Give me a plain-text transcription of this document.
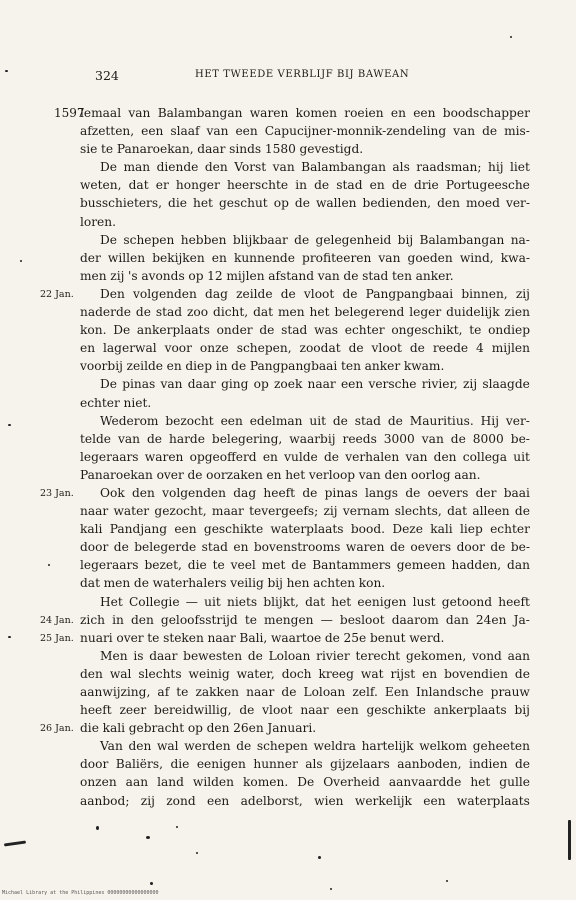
324	HET TWEEDE VERBLIJF BIJ BAWEAN
1597
22 Jan.
23 Jan.
24 Jan.
25 Jan.
26 Jan.
lemaal van Balambangan waren komen roeien en een boodschapper
afzetten, een slaaf van een Capucijner-monnik-zendeling van de mis-
sie te Panaroekan, daar sinds 1580 gevestigd.
De man diende den Vorst van Balambangan als raadsman; hij liet
weten, dat er honger heerschte in de stad en de drie Portugeesche
busschieters, die het geschut op de wallen bedienden, den moed ver-
loren.
De schepen hebben blijkbaar de gelegenheid bij Balambangan na-
der willen bekijken en kunnende profiteeren van goeden wind, kwa-
men zij 's avonds op 12 mijlen afstand van de stad ten anker.
Den volgenden dag zeilde de vloot de Pangpangbaai binnen, zij
naderde de stad zoo dicht, dat men het belegerend leger duidelijk zien
kon. De ankerplaats onder de stad was echter ongeschikt, te ondiep
en lagerwal voor onze schepen, zoodat de vloot de reede 4 mijlen
voorbij zeilde en diep in de Pangpangbaai ten anker kwam.
De pinas van daar ging op zoek naar een versche rivier, zij slaagde
echter niet.
Wederom bezocht een edelman uit de stad de Mauritius. Hij ver-
telde van de harde belegering, waarbij reeds 3000 van de 8000 be-
legeraars waren opgeofferd en vulde de verhalen van den collega uit
Panaroekan over de oorzaken en het verloop van den oorlog aan.
Ook den volgenden dag heeft de pinas langs de oevers der baai
naar water gezocht, maar tevergeefs; zij vernam slechts, dat alleen de
kali Pandjang een geschikte waterplaats bood. Deze kali liep echter
door de belegerde stad en bovenstrooms waren de oevers door de be-
legeraars bezet, die te veel met de Bantammers gemeen hadden, dan
dat men de waterhalers veilig bij hen achten kon.
Het Collegie — uit niets blijkt, dat het eenigen lust getoond heeft
zich in den geloofsstrijd te mengen — besloot daarom dan 24en Ja-
nuari over te steken naar Bali, waartoe de 25e benut werd.
Men is daar bewesten de Loloan rivier terecht gekomen, vond aan
den wal slechts weinig water, doch kreeg wat rijst en bovendien de
aanwijzing, af te zakken naar de Loloan zelf. Een Inlandsche prauw
heeft zeer bereidwillig, de vloot naar een geschikte ankerplaats bij
die kali gebracht op den 26en Januari.
Van den wal werden de schepen weldra hartelijk welkom geheeten
door Baliërs, die eenigen hunner als gijzelaars aanboden, indien de
onzen aan land wilden komen. De Overheid aanvaardde het gulle
aanbod; zij zond een adelborst, wien werkelijk een waterplaats
Michael Library at the Philippines 00000000000000000
